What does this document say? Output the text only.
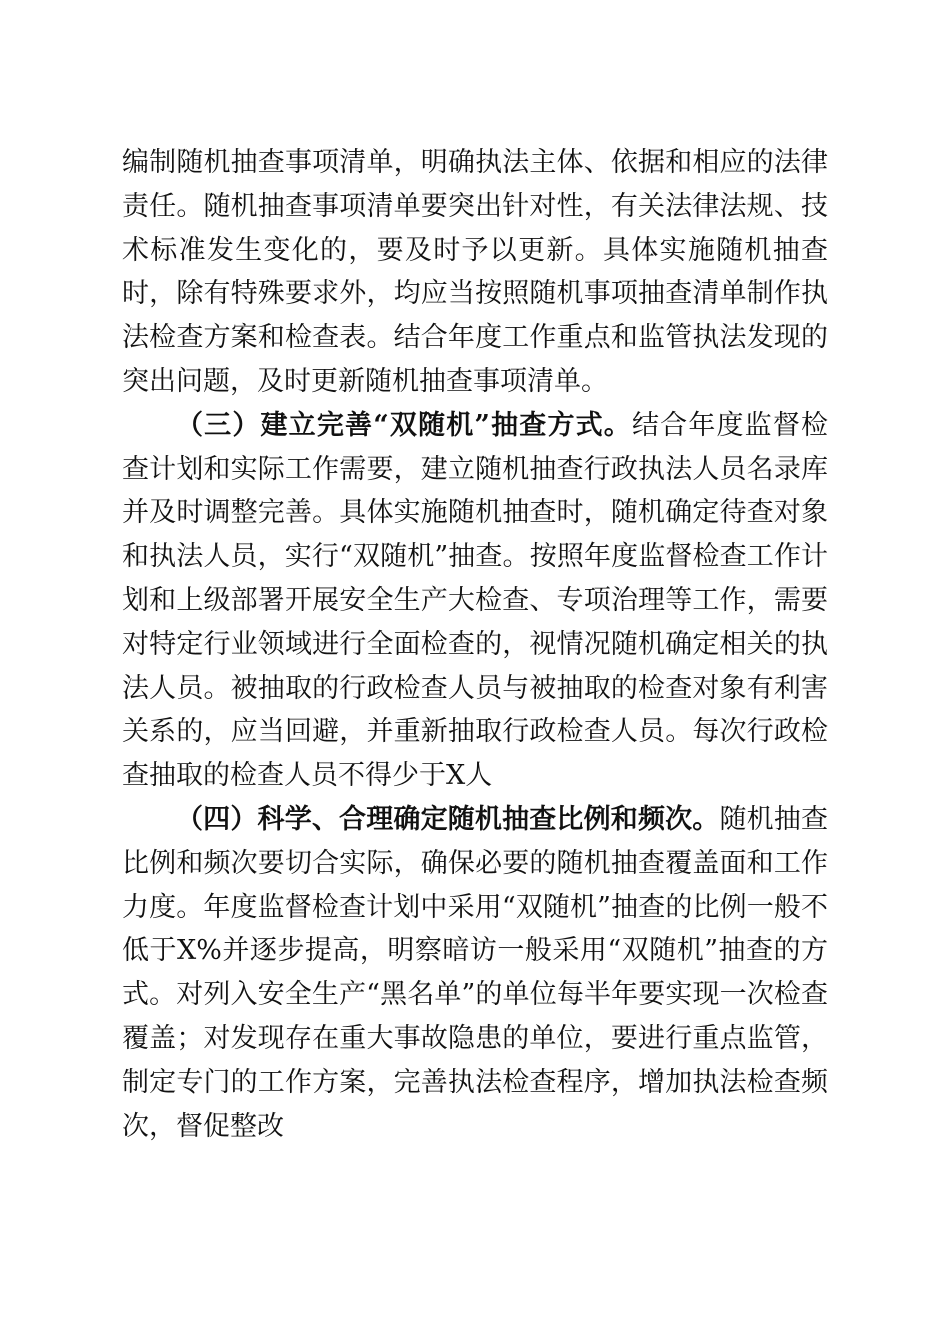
编制随机抽查事项清单，明确执法主体、依据和相应的法律责任。随机抽查事项清单要突出针对性，有关法律法规、技术标准发生变化的，要及时予以更新。具体实施随机抽查时，除有特殊要求外，均应当按照随机事项抽查清单制作执法检查方案和检查表。结合年度工作重点和监管执法发现的突出问题，及时更新随机抽查事项清单。

（三）建立完善“双随机”抽查方式。结合年度监督检查计划和实际工作需要，建立随机抽查行政执法人员名录库并及时调整完善。具体实施随机抽查时，随机确定待查对象和执法人员，实行“双随机”抽查。按照年度监督检查工作计划和上级部署开展安全生产大检查、专项治理等工作，需要对特定行业领域进行全面检查的，视情况随机确定相关的执法人员。被抽取的行政检查人员与被抽取的检查对象有利害关系的，应当回避，并重新抽取行政检查人员。每次行政检查抽取的检查人员不得少于X人

（四）科学、合理确定随机抽查比例和频次。随机抽查比例和频次要切合实际，确保必要的随机抽查覆盖面和工作力度。年度监督检查计划中采用“双随机”抽查的比例一般不低于X%并逐步提高，明察暗访一般采用“双随机”抽查的方式。对列入安全生产“黑名单”的单位每半年要实现一次检查覆盖；对发现存在重大事故隐患的单位，要进行重点监管，制定专门的工作方案，完善执法检查程序，增加执法检查频次，督促整改
